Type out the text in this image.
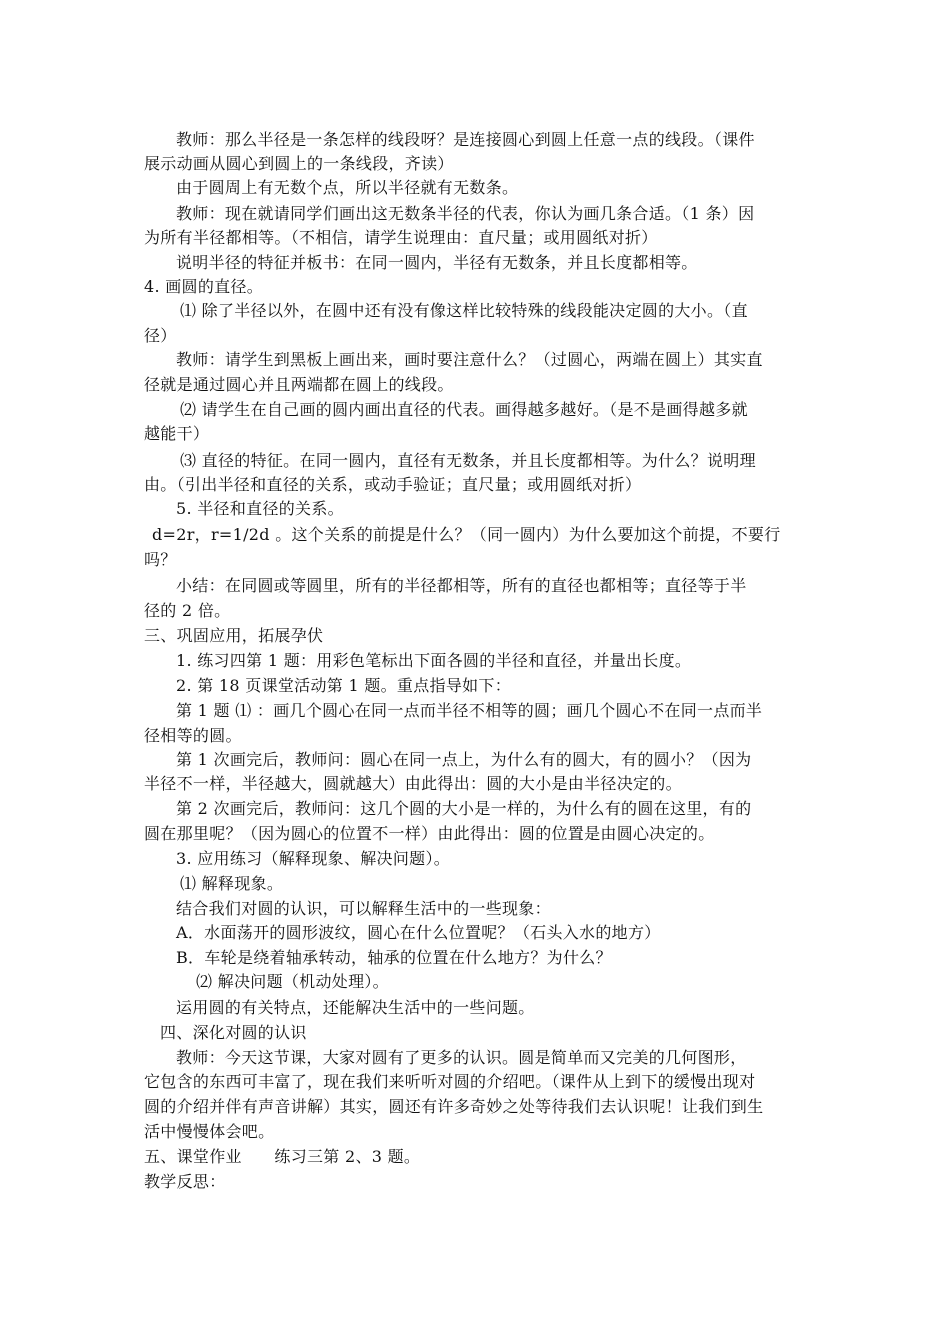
教师：那么半径是一条怎样的线段呀？是连接圆心到圆上任意一点的线段。（课件
展示动画从圆心到圆上的一条线段，齐读）
由于圆周上有无数个点，所以半径就有无数条。
教师：现在就请同学们画出这无数条半径的代表，你认为画几条合适。（1 条）因
为所有半径都相等。（不相信，请学生说理由：直尺量；或用圆纸对折）
说明半径的特征并板书：在同一圆内，半径有无数条，并且长度都相等。
4. 画圆的直径。
⑴ 除了半径以外，在圆中还有没有像这样比较特殊的线段能决定圆的大小。（直
径）
教师：请学生到黑板上画出来，画时要注意什么？（过圆心，两端在圆上）其实直
径就是通过圆心并且两端都在圆上的线段。
⑵ 请学生在自己画的圆内画出直径的代表。画得越多越好。（是不是画得越多就
越能干）
⑶ 直径的特征。在同一圆内，直径有无数条，并且长度都相等。为什么？说明理
由。（引出半径和直径的关系，或动手验证；直尺量；或用圆纸对折）
5. 半径和直径的关系。
d=2r，r=1/2d 。这个关系的前提是什么？（同一圆内）为什么要加这个前提，不要行
吗？
小结：在同圆或等圆里，所有的半径都相等，所有的直径也都相等；直径等于半
径的 2 倍。
三、巩固应用，拓展孕伏
1. 练习四第 1 题：用彩色笔标出下面各圆的半径和直径，并量出长度。
2. 第 18 页课堂活动第 1 题。重点指导如下：
第 1 题 ⑴ ：画几个圆心在同一点而半径不相等的圆；画几个圆心不在同一点而半
径相等的圆。
第 1 次画完后，教师问：圆心在同一点上，为什么有的圆大，有的圆小？（因为
半径不一样，半径越大，圆就越大）由此得出：圆的大小是由半径决定的。
第 2 次画完后，教师问：这几个圆的大小是一样的，为什么有的圆在这里，有的
圆在那里呢？（因为圆心的位置不一样）由此得出：圆的位置是由圆心决定的。
3. 应用练习（解释现象、解决问题）。
⑴ 解释现象。
结合我们对圆的认识，可以解释生活中的一些现象：
A．水面荡开的圆形波纹，圆心在什么位置呢？（石头入水的地方）
B．车轮是绕着轴承转动，轴承的位置在什么地方？为什么？
⑵ 解决问题（机动处理）。
运用圆的有关特点，还能解决生活中的一些问题。
四、深化对圆的认识
教师：今天这节课，大家对圆有了更多的认识。圆是简单而又完美的几何图形，
它包含的东西可丰富了，现在我们来听听对圆的介绍吧。（课件从上到下的缓慢出现对
圆的介绍并伴有声音讲解）其实，圆还有许多奇妙之处等待我们去认识呢！让我们到生
活中慢慢体会吧。
五、课堂作业　　练习三第 2、3 题。
教学反思：
